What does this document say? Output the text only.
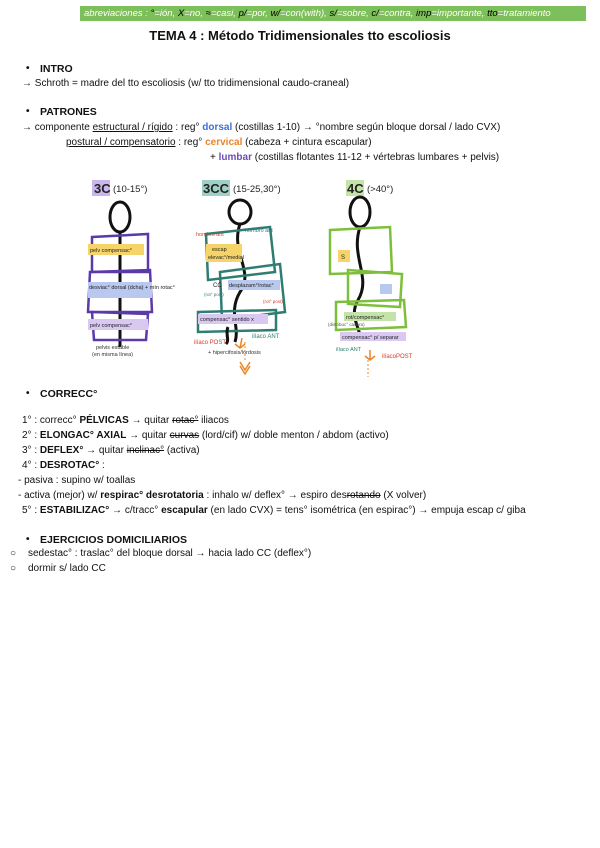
abreviaciones : °=ión, X=no, ≈=casi, p/=por, w/=con(with), s/=sobre, c/=contra, imp=importante, tto=tratamiento
TEMA 4 : Método Tridimensionales tto escoliosis
• INTRO
→ Schroth = madre del tto escoliosis (w/ tto tridimensional caudo-craneal)
• PATRONES
→ componente estructural / rígido : reg° dorsal (costillas 1-10) → °nombre según bloque dorsal / lado CVX)
postural / compensatorio : reg° cervical (cabeza + cintura escapular)
+ lumbar (costillas flotantes 11-12 + vértebras lumbares + pelvis)
3C (10-15°)
pelv compensac°
desviac° dorsal (dcha) + mín rotac°
pelv compensac°
pelvis estable
(en misma línea)
3CC (15-25,30°)
escap
elevac°/medial
desplazam°/rotac°
compensac° sentido x
hombro ant
hombro ant
CC
(rot° post)
(rot° post)
ilíaco ANT
ilíaco POST
+ hipercifosis/lordosis
4C (>40°)
S
rot/compensac°
compensac° p/ separar
(distribuc° cadera)
ilíaco ANT
ilíacoPOST
• CORRECC°
1° : correcc° PÉLVICAS → quitar rotac° iliacos
2° : ELONGAC° AXIAL → quitar curvas (lord/cif) w/ doble menton / abdom (activo)
3° : DEFLEX° → quitar inclinac° (activa)
4° : DESROTAC° :
- pasiva : supino w/ toallas
- activa (mejor) w/ respirac° desrotatoria : inhalo w/ deflex° → espiro desrotando (X volver)
5° : ESTABILIZAC° → c/tracc° escapular (en lado CVX) = tens° isométrica (en espirac°) → empuja escap c/ giba
• EJERCICIOS DOMICILIARIOS
○ sedestac° : traslac° del bloque dorsal → hacia lado CC (deflex°)
○ dormir s/ lado CC
